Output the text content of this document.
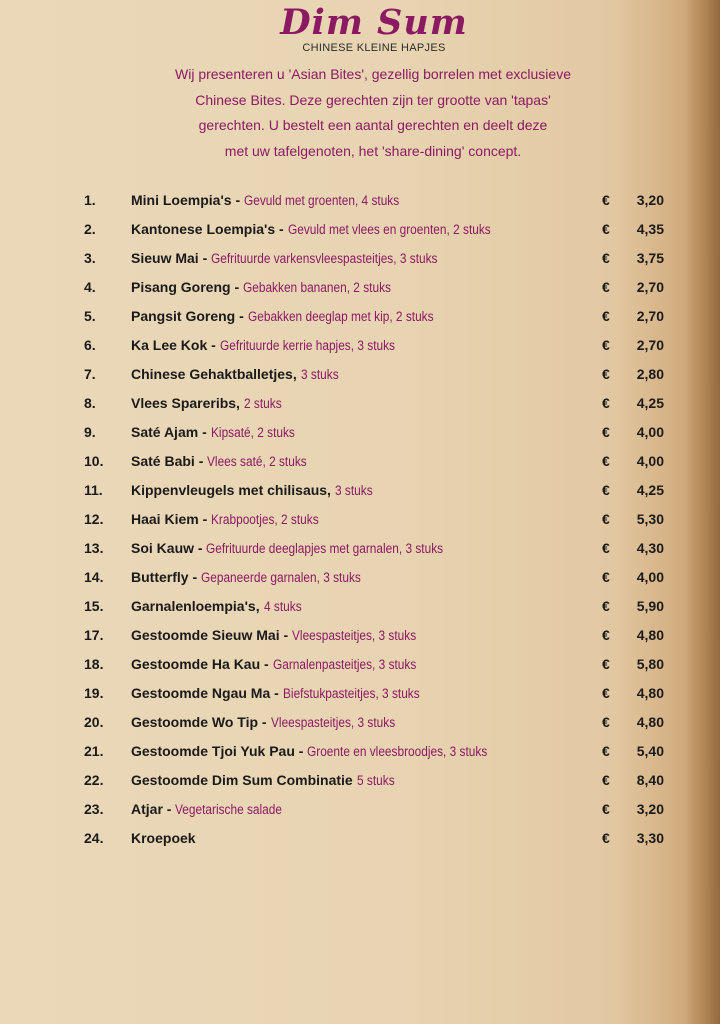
Dim Sum
CHINESE KLEINE HAPJES
Wij presenteren u 'Asian Bites', gezellig borrelen met exclusieve
Chinese Bites. Deze gerechten zijn ter grootte van 'tapas'
gerechten. U bestelt een aantal gerechten en deelt deze
met uw tafelgenoten, het 'share-dining' concept.
1.	Mini Loempia's - Gevuld met groenten, 4 stuks	€	3,20
2.	Kantonese Loempia's - Gevuld met vlees en groenten, 2 stuks	€	4,35
3.	Sieuw Mai - Gefrituurde varkensvleespasteitjes, 3 stuks	€	3,75
4.	Pisang Goreng - Gebakken bananen, 2 stuks	€	2,70
5.	Pangsit Goreng - Gebakken deeglap met kip, 2 stuks	€	2,70
6.	Ka Lee Kok - Gefrituurde kerrie hapjes, 3 stuks	€	2,70
7.	Chinese Gehaktballetjes, 3 stuks	€	2,80
8.	Vlees Spareribs, 2 stuks	€	4,25
9.	Saté Ajam - Kipsaté, 2 stuks	€	4,00
10. Saté Babi - Vlees saté, 2 stuks	€	4,00
11. Kippenvleugels met chilisaus, 3 stuks	€	4,25
12. Haai Kiem - Krabpootjes, 2 stuks	€	5,30
13. Soi Kauw - Gefrituurde deeglapjes met garnalen, 3 stuks	€	4,30
14. Butterfly - Gepaneerde garnalen, 3 stuks	€	4,00
15. Garnalenloempia's, 4 stuks	€	5,90
17. Gestoomde Sieuw Mai - Vleespasteitjes, 3 stuks	€	4,80
18. Gestoomde Ha Kau - Garnalenpasteitjes, 3 stuks	€	5,80
19. Gestoomde Ngau Ma - Biefstukpasteitjes, 3 stuks	€	4,80
20. Gestoomde Wo Tip - Vleespasteitjes, 3 stuks	€	4,80
21. Gestoomde Tjoi Yuk Pau - Groente en vleesbroodjes, 3 stuks	€	5,40
22. Gestoomde Dim Sum Combinatie 5 stuks	€	8,40
23. Atjar - Vegetarische salade	€	3,20
24. Kroepoek	€	3,30
